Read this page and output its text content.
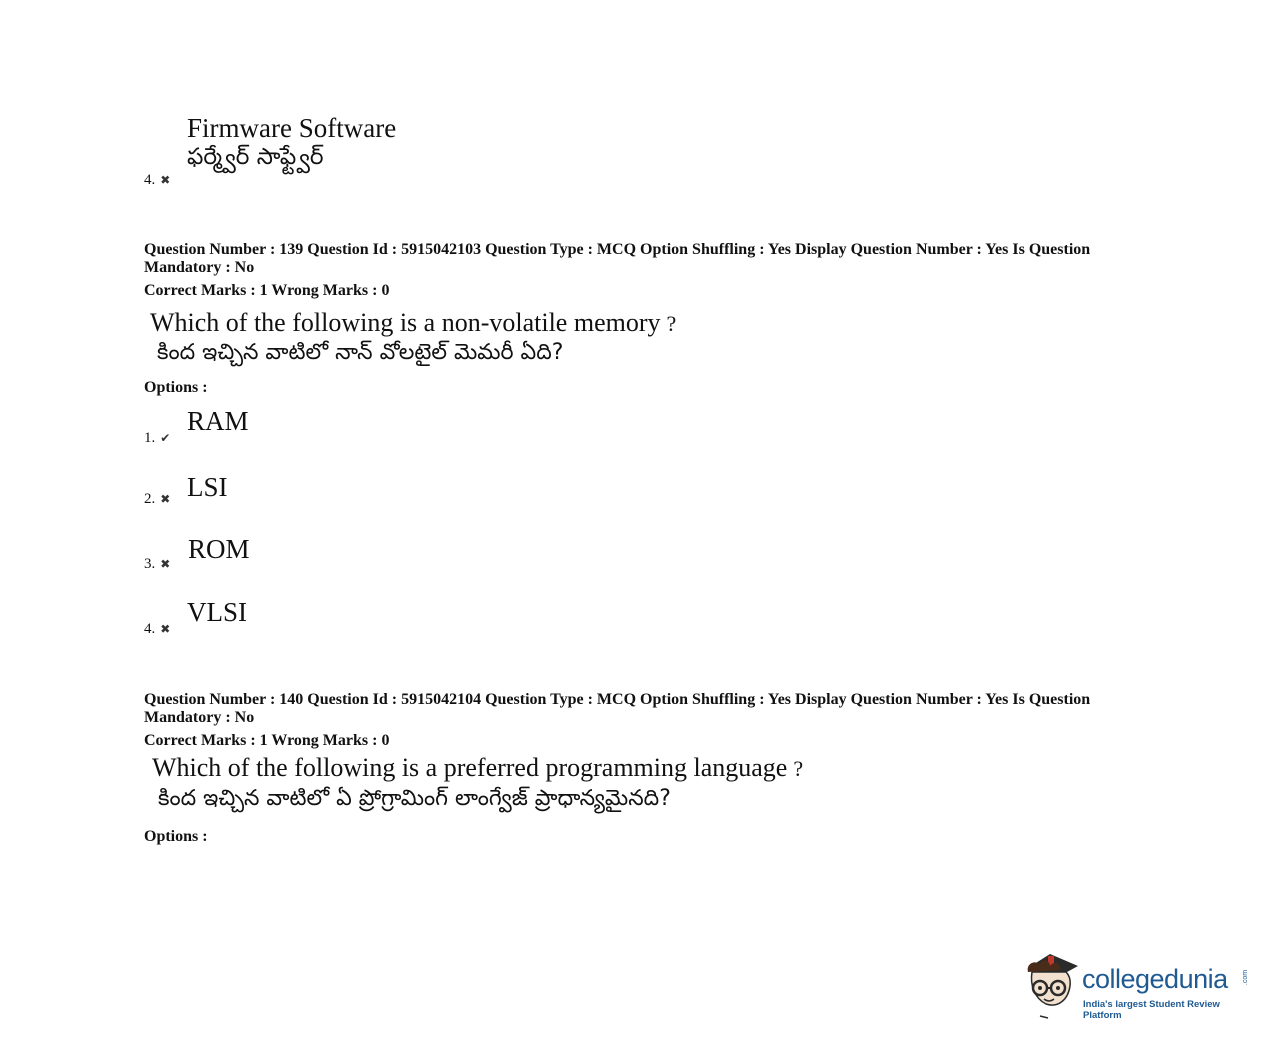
Firmware Software
ఫర్మ్వేర్ సాఫ్ట్వేర్
4. ✖
Question Number : 139 Question Id : 5915042103 Question Type : MCQ Option Shuffling : Yes Display Question Number : Yes Is Question Mandatory : No
Correct Marks : 1 Wrong Marks : 0
Which of the following is a non-volatile memory ?
కింద ఇచ్చిన వాటిలో నాన్ వోలటైల్ మెమరీ ఏది?
Options :
RAM
1. ✔
LSI
2. ✖
ROM
3. ✖
VLSI
4. ✖
Question Number : 140 Question Id : 5915042104 Question Type : MCQ Option Shuffling : Yes Display Question Number : Yes Is Question Mandatory : No
Correct Marks : 1 Wrong Marks : 0
Which of the following is a preferred programming language ?
కింద ఇచ్చిన వాటిలో ఏ ప్రోగ్రామింగ్ లాంగ్వేజ్ ప్రాధాన్యమైనది?
Options :
collegedunia
India's largest Student Review Platform
.com
